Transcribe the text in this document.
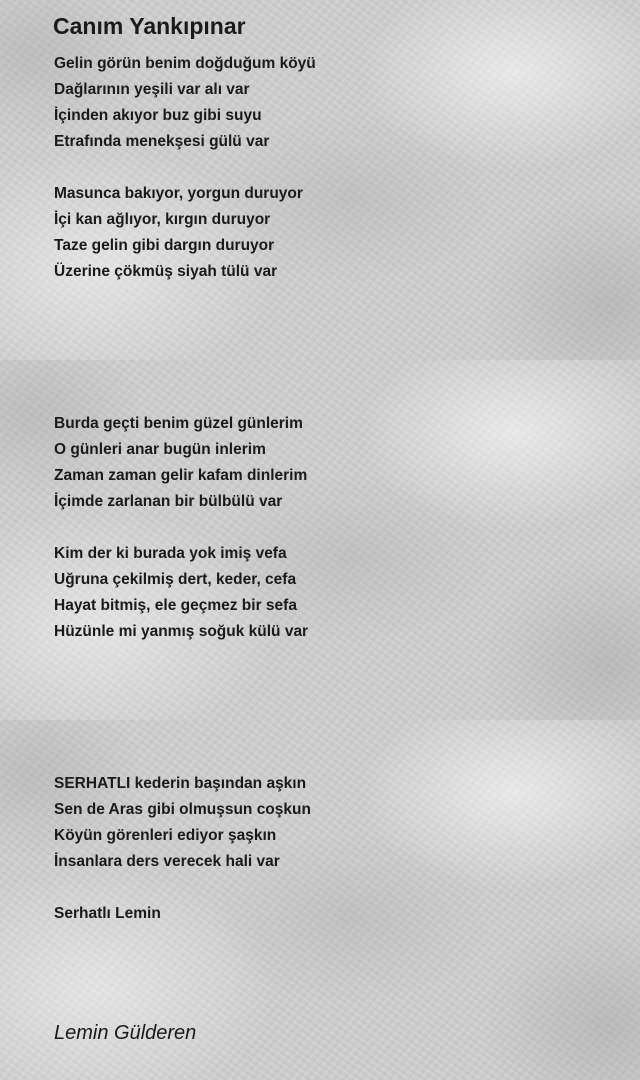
Canım Yankıpınar
Gelin görün benim doğduğum köyü
Dağlarının yeşili var alı var
İçinden akıyor buz gibi suyu
Etrafında menekşesi gülü var
Masunca bakıyor, yorgun duruyor
İçi kan ağlıyor, kırgın duruyor
Taze gelin gibi dargın duruyor
Üzerine çökmüş siyah tülü var
Burda geçti benim güzel günlerim
O günleri anar bugün inlerim
Zaman zaman gelir kafam dinlerim
İçimde zarlanan bir bülbülü var
Kim der ki burada yok imiş vefa
Uğruna çekilmiş dert, keder, cefa
Hayat bitmiş, ele geçmez bir sefa
Hüzünle mi yanmış soğuk külü var
SERHATLI kederin başından aşkın
Sen de Aras gibi olmuşsun coşkun
Köyün görenleri ediyor şaşkın
İnsanlara ders verecek hali var
Serhatlı Lemin
Lemin Gülderen
